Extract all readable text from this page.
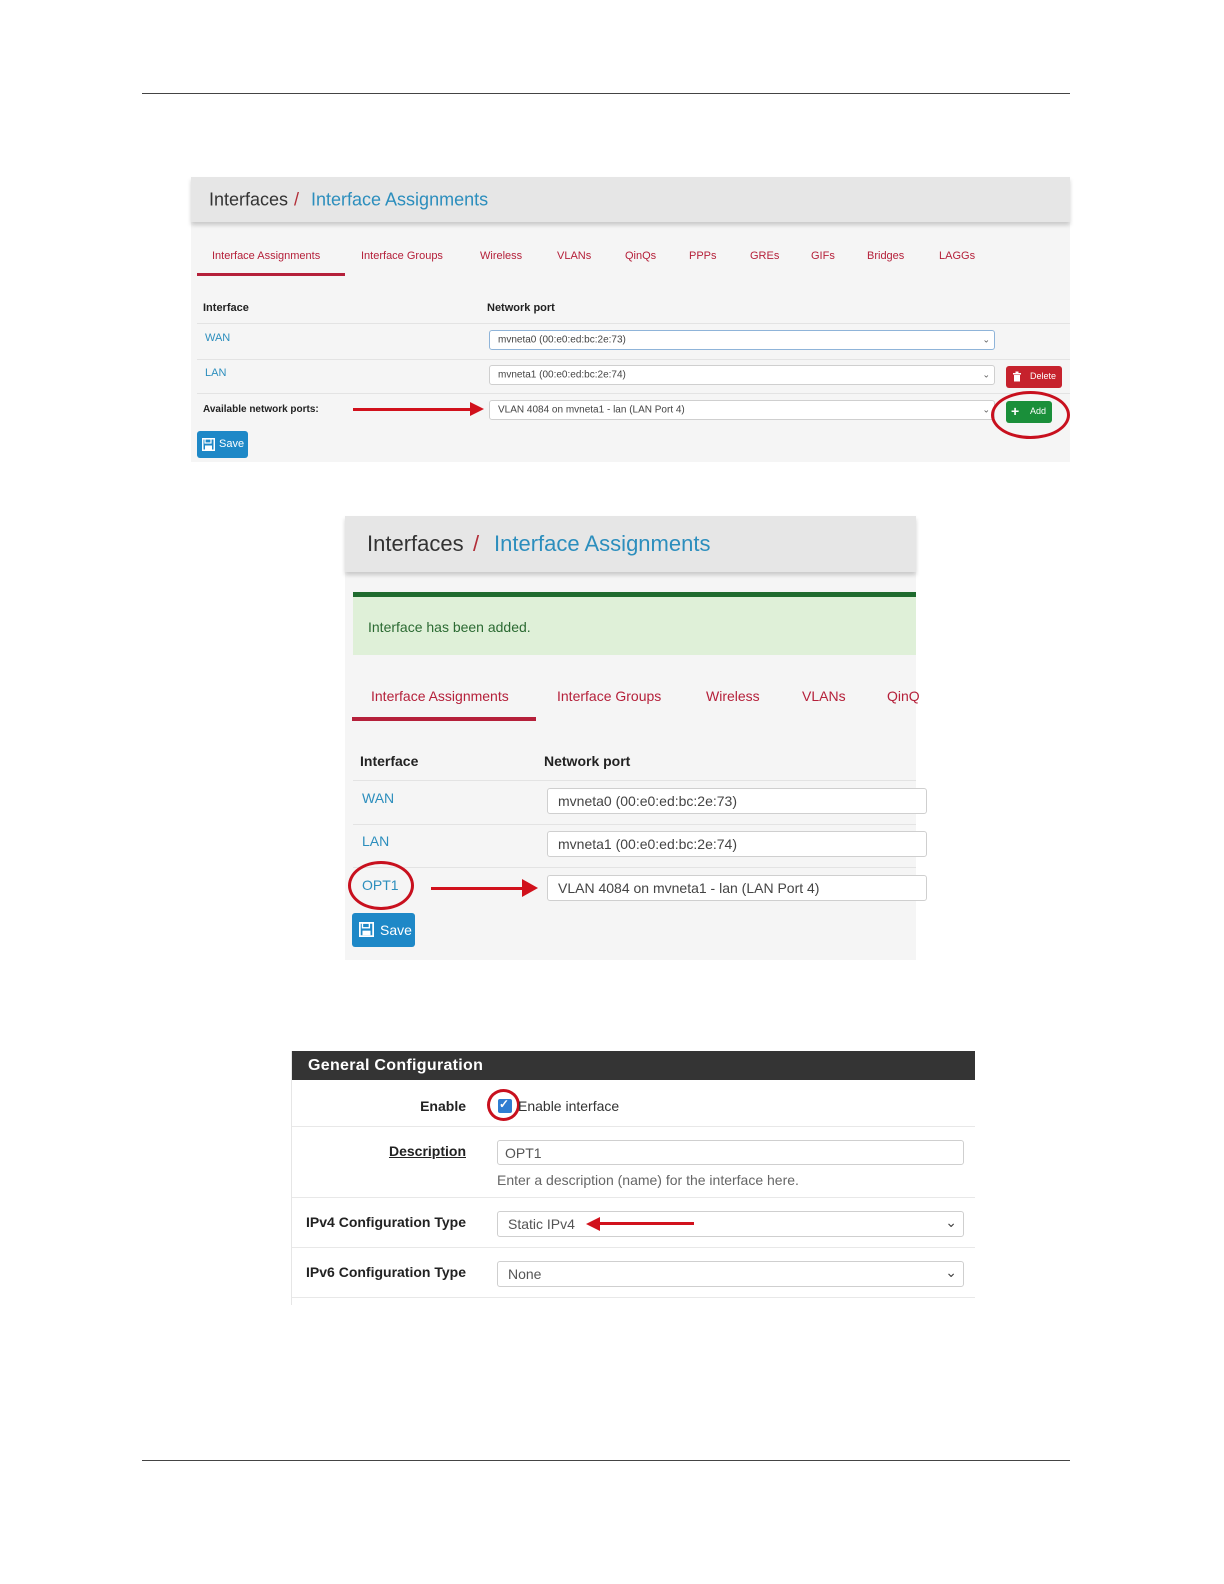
Interfaces / Interface Assignments
Interface Assignments	Interface Groups	Wireless	VLANs	QinQs	PPPs	GREs	GIFs	Bridges	LAGGs
Interface	Network port
WAN	mvneta0 (00:e0:ed:bc:2e:73)	⌄
LAN	mvneta1 (00:e0:ed:bc:2e:74)	⌄	Delete
Available network ports:	VLAN 4084 on mvneta1 - lan (LAN Port 4)	⌄ + Add
Save
Interfaces / Interface Assignments
Interface has been added.
Interface Assignments	Interface Groups	Wireless	VLANs	QinQ
Interface	Network port
WAN	mvneta0 (00:e0:ed:bc:2e:73)
LAN	mvneta1 (00:e0:ed:bc:2e:74)
OPT1	VLAN 4084 on mvneta1 - lan (LAN Port 4)
Save
General Configuration
Enable	✓ Enable interface
Description	OPT1
Enter a description (name) for the interface here.
IPv4 Configuration Type	Static IPv4	⌄
IPv6 Configuration Type	None	⌄
